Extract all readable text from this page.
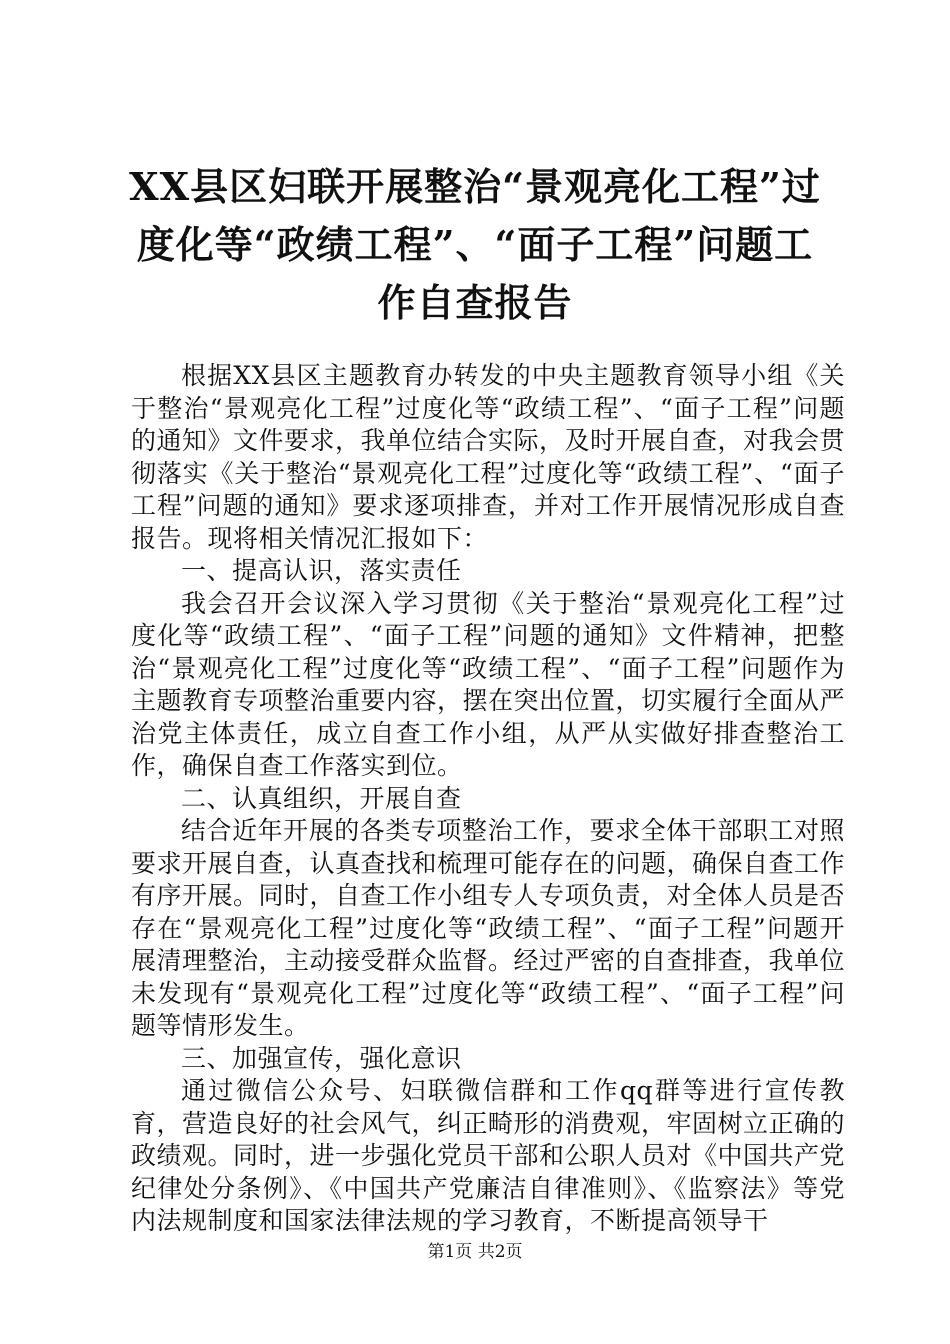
XX县区妇联开展整治“景观亮化工程”过度化等“政绩工程”、“面子工程”问题工作自查报告

根据XX县区主题教育办转发的中央主题教育领导小组《关于整治“景观亮化工程”过度化等“政绩工程”、“面子工程”问题的通知》文件要求，我单位结合实际，及时开展自查，对我会贯彻落实《关于整治“景观亮化工程”过度化等“政绩工程”、“面子工程”问题的通知》要求逐项排查，并对工作开展情况形成自查报告。现将相关情况汇报如下：

一、提高认识，落实责任

我会召开会议深入学习贯彻《关于整治“景观亮化工程”过度化等“政绩工程”、“面子工程”问题的通知》文件精神，把整治“景观亮化工程”过度化等“政绩工程”、“面子工程”问题作为主题教育专项整治重要内容，摆在突出位置，切实履行全面从严治党主体责任，成立自查工作小组，从严从实做好排查整治工作，确保自查工作落实到位。

二、认真组织，开展自查

结合近年开展的各类专项整治工作，要求全体干部职工对照要求开展自查，认真查找和梳理可能存在的问题，确保自查工作有序开展。同时，自查工作小组专人专项负责，对全体人员是否存在“景观亮化工程”过度化等“政绩工程”、“面子工程”问题开展清理整治，主动接受群众监督。经过严密的自查排查，我单位未发现有“景观亮化工程”过度化等“政绩工程”、“面子工程”问题等情形发生。

三、加强宣传，强化意识

通过微信公众号、妇联微信群和工作qq群等进行宣传教育，营造良好的社会风气，纠正畸形的消费观，牢固树立正确的政绩观。同时，进一步强化党员干部和公职人员对《中国共产党纪律处分条例》、《中国共产党廉洁自律准则》、《监察法》等党内法规制度和国家法律法规的学习教育，不断提高领导干

第1页 共2页
